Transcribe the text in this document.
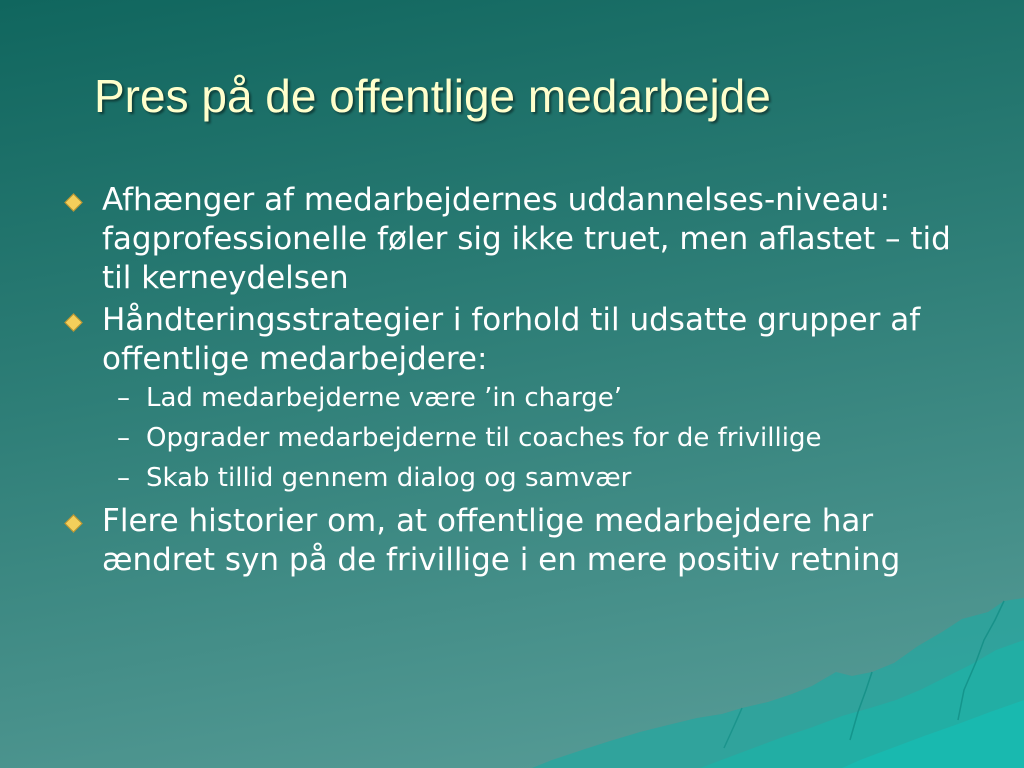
Pres på de offentlige medarbejde
Afhænger af medarbejdernes uddannelses-niveau: fagprofessionelle føler sig ikke truet, men aflastet – tid til kerneydelsen
Håndteringsstrategier i forhold til udsatte grupper af offentlige medarbejdere:
– Lad medarbejderne være ’in charge’
– Opgrader medarbejderne til coaches for de frivillige
– Skab tillid gennem dialog og samvær
Flere historier om, at offentlige medarbejdere har ændret syn på de frivillige i en mere positiv retning
